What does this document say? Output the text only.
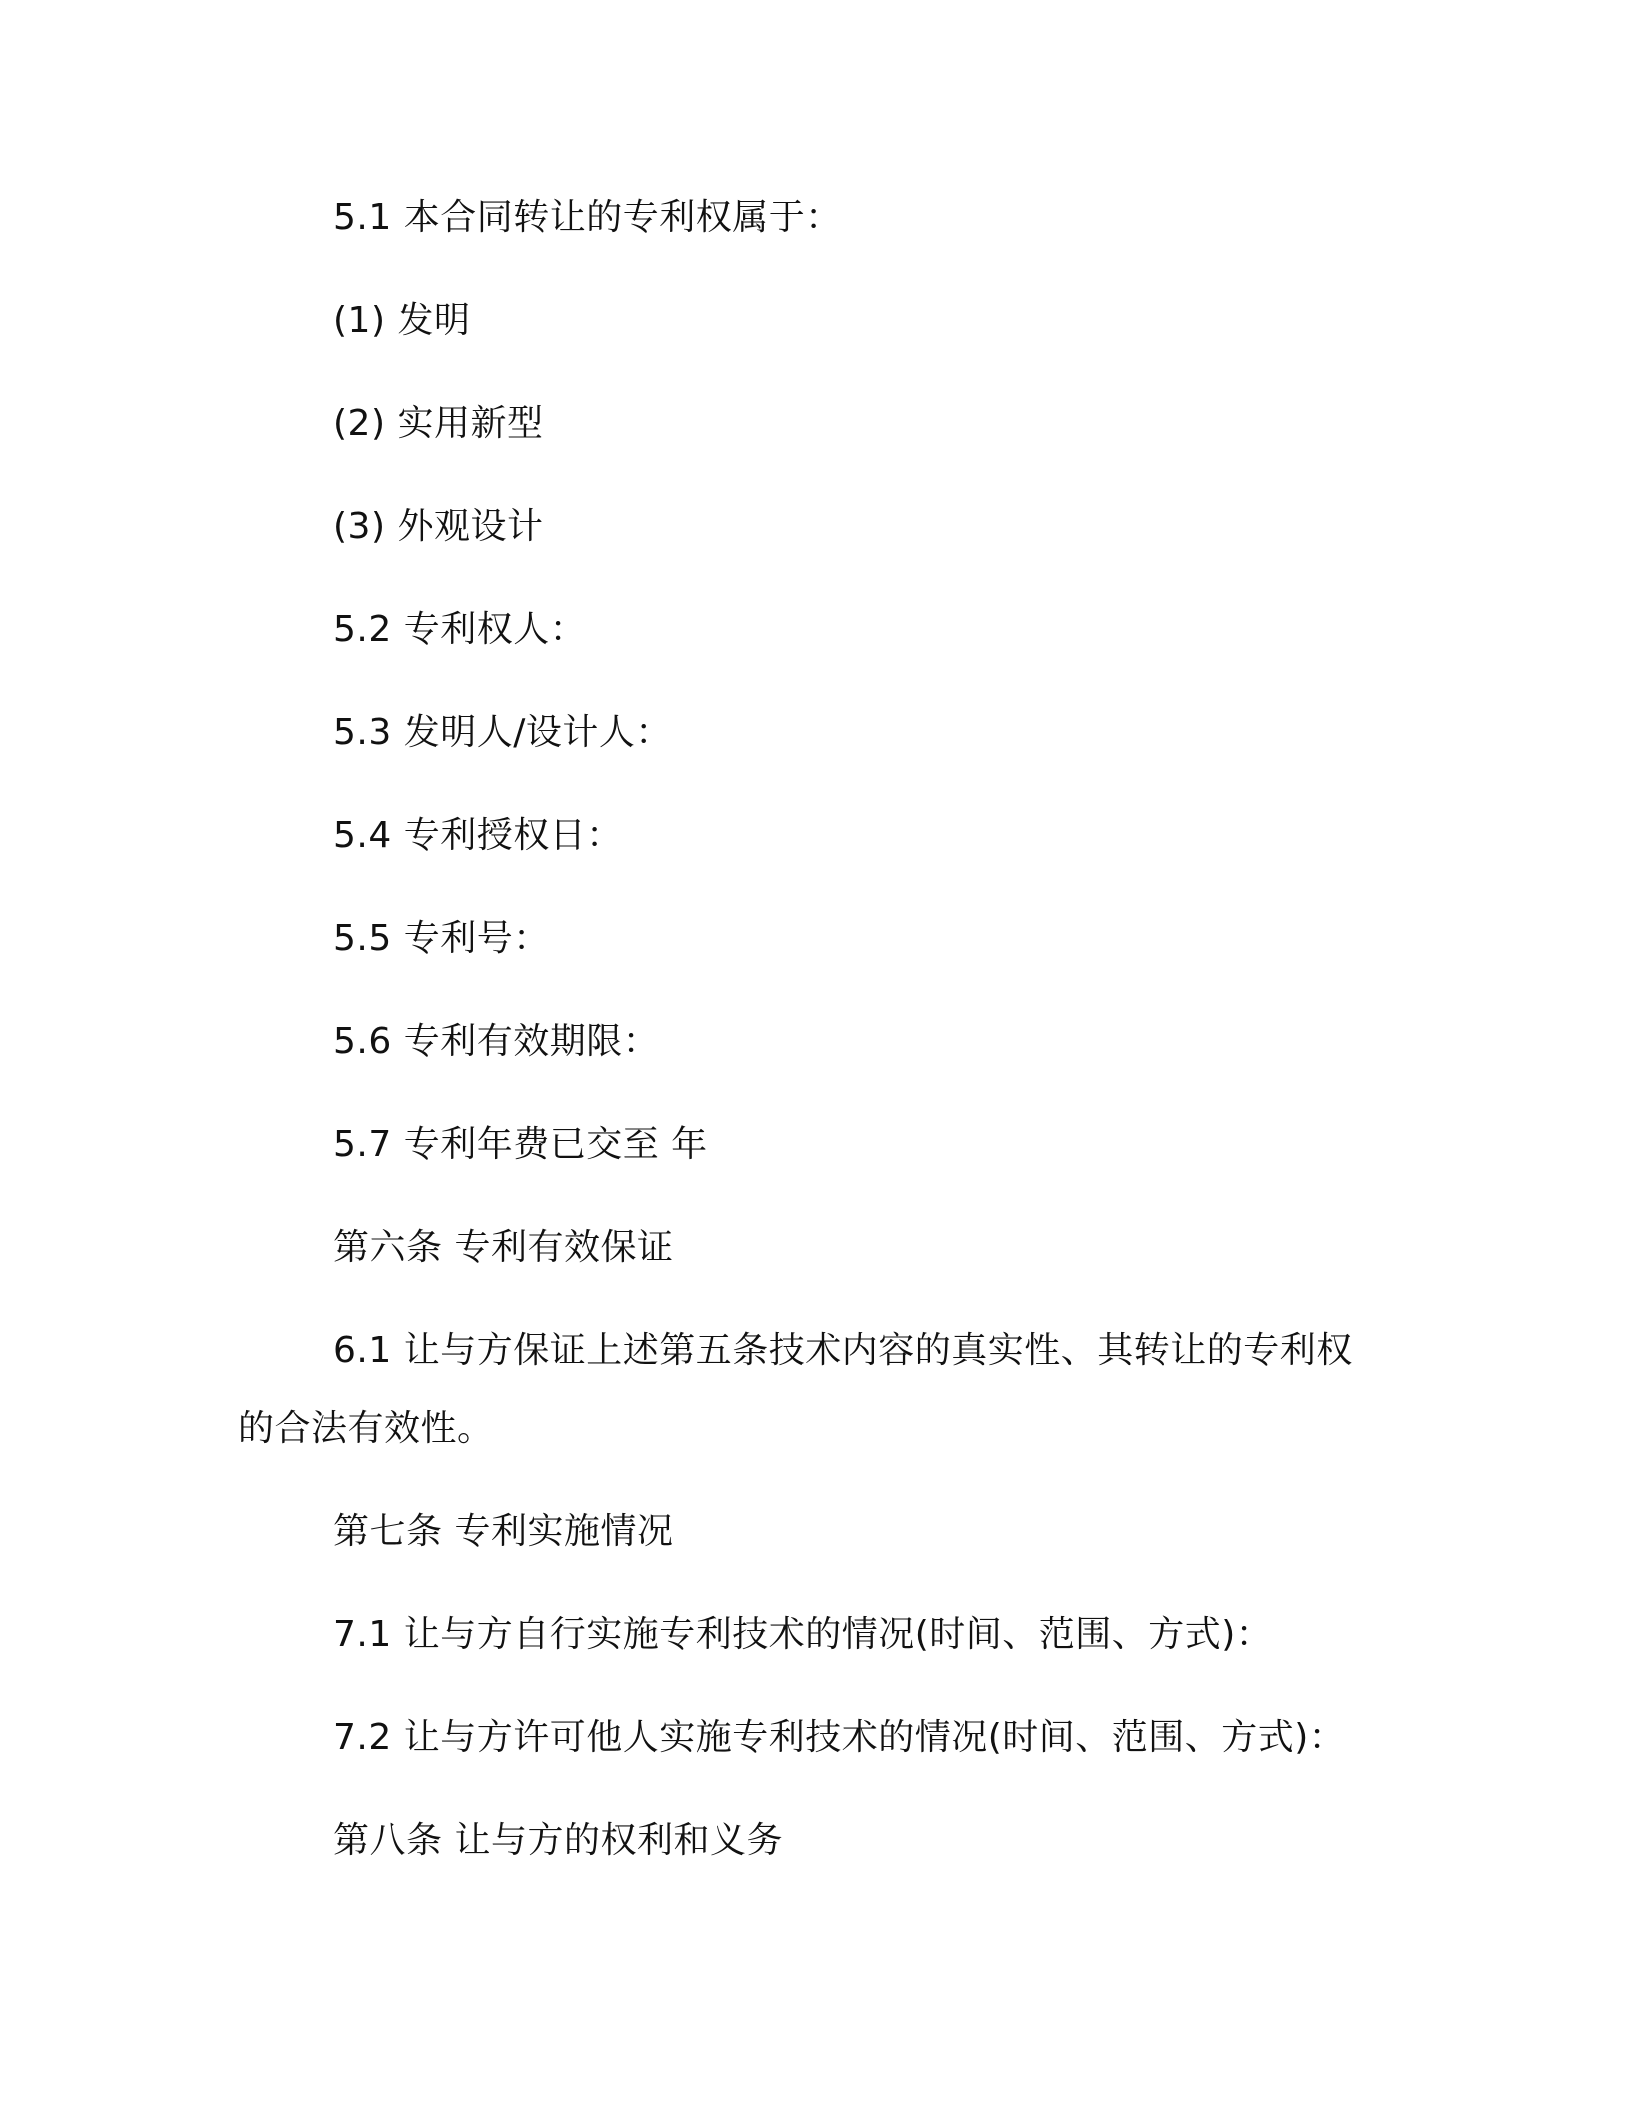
5.1 本合同转让的专利权属于：
(1) 发明
(2) 实用新型
(3) 外观设计
5.2 专利权人：
5.3 发明人/设计人：
5.4 专利授权日：
5.5 专利号：
5.6 专利有效期限：
5.7 专利年费已交至 年
第六条 专利有效保证
6.1 让与方保证上述第五条技术内容的真实性、其转让的专利权
的合法有效性。
第七条 专利实施情况
7.1 让与方自行实施专利技术的情况(时间、范围、方式)：
7.2 让与方许可他人实施专利技术的情况(时间、范围、方式)：
第八条 让与方的权利和义务
